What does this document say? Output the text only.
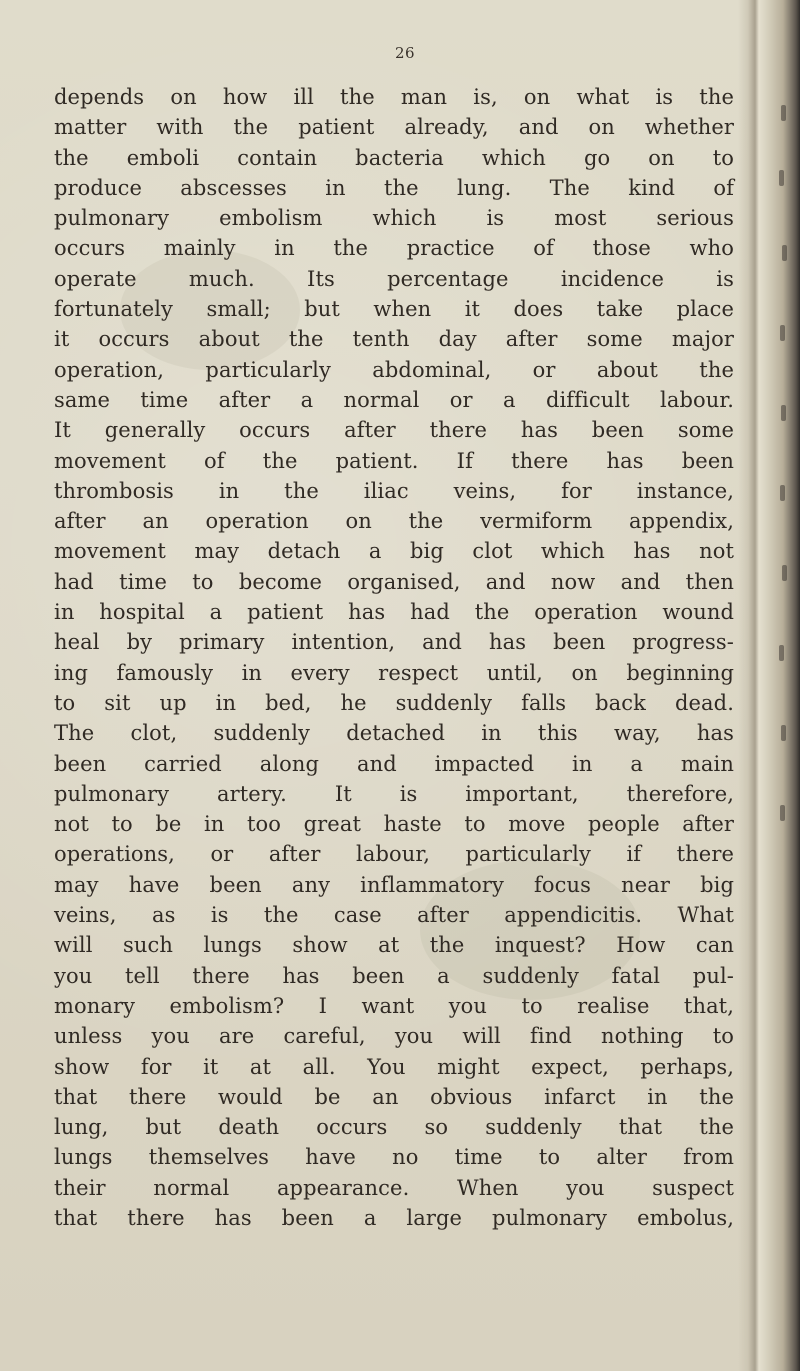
26
depends on how ill the man is, on what is the
matter with the patient already, and on whether
the emboli contain bacteria which go on to
produce abscesses in the lung. The kind of
pulmonary embolism which is most serious
occurs mainly in the practice of those who
operate much. Its percentage incidence is
fortunately small; but when it does take place
it occurs about the tenth day after some major
operation, particularly abdominal, or about the
same time after a normal or a difficult labour.
It generally occurs after there has been some
movement of the patient. If there has been
thrombosis in the iliac veins, for instance,
after an operation on the vermiform appendix,
movement may detach a big clot which has not
had time to become organised, and now and then
in hospital a patient has had the operation wound
heal by primary intention, and has been progress-
ing famously in every respect until, on beginning
to sit up in bed, he suddenly falls back dead.
The clot, suddenly detached in this way, has
been carried along and impacted in a main
pulmonary artery. It is important, therefore,
not to be in too great haste to move people after
operations, or after labour, particularly if there
may have been any inflammatory focus near big
veins, as is the case after appendicitis. What
will such lungs show at the inquest? How can
you tell there has been a suddenly fatal pul-
monary embolism? I want you to realise that,
unless you are careful, you will find nothing to
show for it at all. You might expect, perhaps,
that there would be an obvious infarct in the
lung, but death occurs so suddenly that the
lungs themselves have no time to alter from
their normal appearance. When you suspect
that there has been a large pulmonary embolus,
